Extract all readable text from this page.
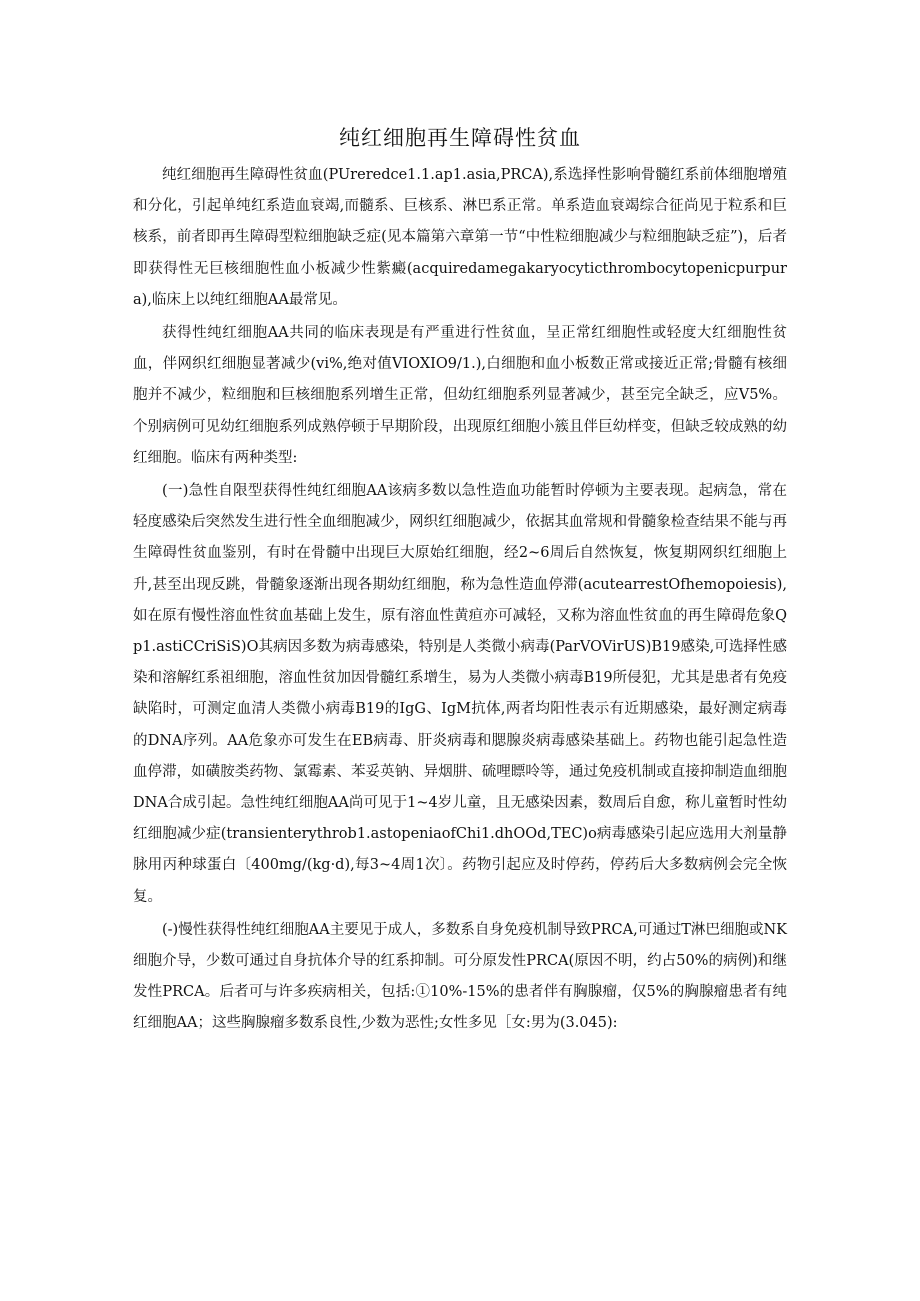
纯红细胞再生障碍性贫血

纯红细胞再生障碍性贫血(PUreredce1.1.ap1.asia,PRCA),系选择性影响骨髓红系前体细胞增殖和分化，引起单纯红系造血衰竭,而髓系、巨核系、淋巴系正常。单系造血衰竭综合征尚见于粒系和巨核系，前者即再生障碍型粒细胞缺乏症(见本篇第六章第一节“中性粒细胞减少与粒细胞缺乏症”)，后者即获得性无巨核细胞性血小板减少性紫癜(acquiredamegakaryocyticthrombocytopenicpurpura),临床上以纯红细胞AA最常见。

获得性纯红细胞AA共同的临床表现是有严重进行性贫血，呈正常红细胞性或轻度大红细胞性贫血，伴网织红细胞显著减少(vi%,绝对值VIOXIO9/1.),白细胞和血小板数正常或接近正常;骨髓有核细胞并不减少，粒细胞和巨核细胞系列增生正常，但幼红细胞系列显著减少，甚至完全缺乏，应V5%。个别病例可见幼红细胞系列成熟停顿于早期阶段，出现原红细胞小簇且伴巨幼样变，但缺乏较成熟的幼红细胞。临床有两种类型:

(一)急性自限型获得性纯红细胞AA该病多数以急性造血功能暂时停顿为主要表现。起病急，常在轻度感染后突然发生进行性全血细胞减少，网织红细胞减少，依据其血常规和骨髓象检查结果不能与再生障碍性贫血鉴别，有时在骨髓中出现巨大原始红细胞，经2~6周后自然恢复，恢复期网织红细胞上升,甚至出现反跳，骨髓象逐渐出现各期幼红细胞，称为急性造血停滞(acutearrestOfhemopoiesis),如在原有慢性溶血性贫血基础上发生，原有溶血性黄疸亦可减轻，又称为溶血性贫血的再生障碍危象Qp1.astiCCriSiS)O其病因多数为病毒感染，特别是人类微小病毒(ParVOVirUS)B19感染,可选择性感染和溶解红系祖细胞，溶血性贫加因骨髓红系增生，易为人类微小病毒B19所侵犯，尤其是患者有免疫缺陷时，可测定血清人类微小病毒B19的IgG、IgM抗体,两者均阳性表示有近期感染，最好测定病毒的DNA序列。AA危象亦可发生在EB病毒、肝炎病毒和腮腺炎病毒感染基础上。药物也能引起急性造血停滞，如磺胺类药物、氯霉素、苯妥英钠、异烟肼、硫哩瞟呤等，通过免疫机制或直接抑制造血细胞DNA合成引起。急性纯红细胞AA尚可见于1~4岁儿童，且无感染因素，数周后自愈，称儿童暂时性幼红细胞减少症(transienterythrob1.astopeniaofChi1.dhOOd,TEC)o病毒感染引起应选用大剂量静脉用丙种球蛋白〔400mg/(kg·d),每3~4周1次〕。药物引起应及时停药，停药后大多数病例会完全恢复。

(-)慢性获得性纯红细胞AA主要见于成人，多数系自身免疫机制导致PRCA,可通过T淋巴细胞或NK细胞介导，少数可通过自身抗体介导的红系抑制。可分原发性PRCA(原因不明，约占50%的病例)和继发性PRCA。后者可与许多疾病相关，包括:①10%-15%的患者伴有胸腺瘤，仅5%的胸腺瘤患者有纯红细胞AA；这些胸腺瘤多数系良性,少数为恶性;女性多见［女:男为(3.045):
